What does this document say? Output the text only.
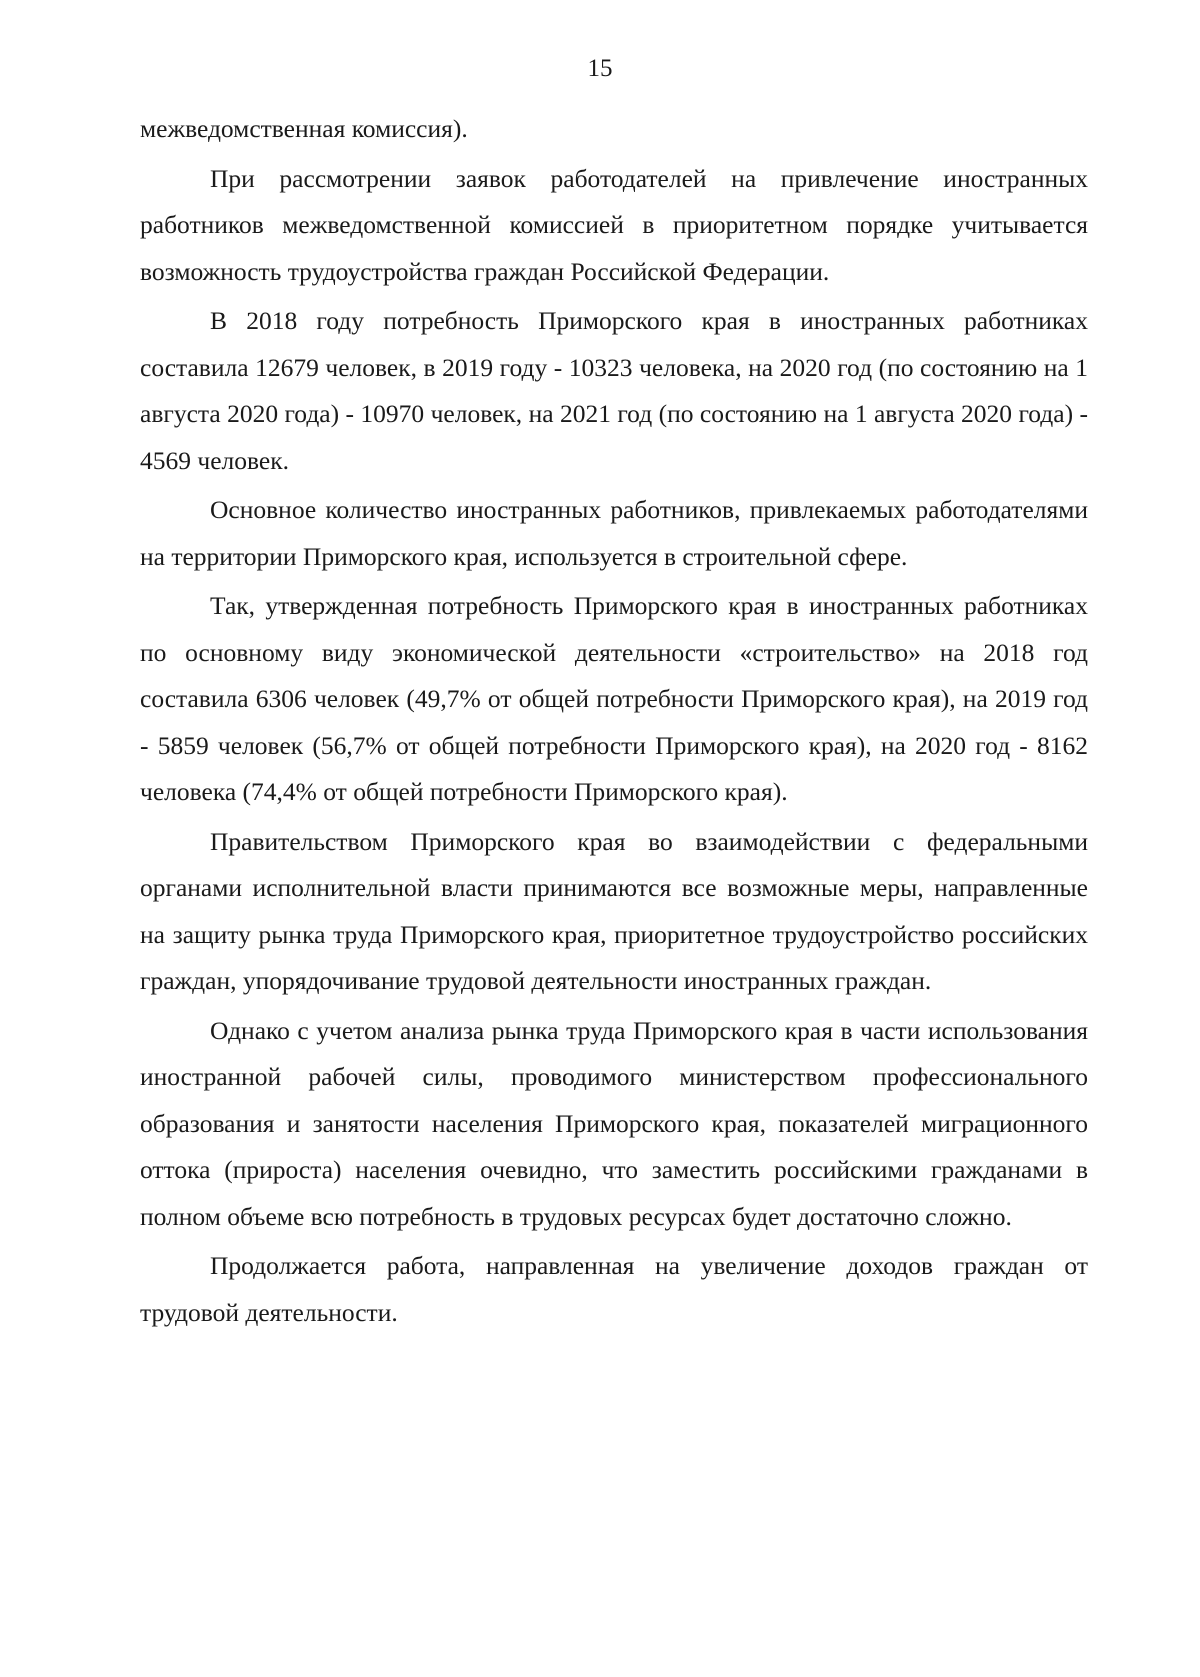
15

межведомственная комиссия).

При рассмотрении заявок работодателей на привлечение иностранных работников межведомственной комиссией в приоритетном порядке учитывается возможность трудоустройства граждан Российской Федерации.

В 2018 году потребность Приморского края в иностранных работниках составила 12679 человек, в 2019 году - 10323 человека, на 2020 год (по состоянию на 1 августа 2020 года) - 10970 человек, на 2021 год (по состоянию на 1 августа 2020 года) - 4569 человек.

Основное количество иностранных работников, привлекаемых работодателями на территории Приморского края, используется в строительной сфере.

Так, утвержденная потребность Приморского края в иностранных работниках по основному виду экономической деятельности «строительство» на 2018 год составила 6306 человек (49,7% от общей потребности Приморского края), на 2019 год - 5859 человек (56,7% от общей потребности Приморского края), на 2020 год - 8162 человека (74,4% от общей потребности Приморского края).

Правительством Приморского края во взаимодействии с федеральными органами исполнительной власти принимаются все возможные меры, направленные на защиту рынка труда Приморского края, приоритетное трудоустройство российских граждан, упорядочивание трудовой деятельности иностранных граждан.

Однако с учетом анализа рынка труда Приморского края в части использования иностранной рабочей силы, проводимого министерством профессионального образования и занятости населения Приморского края, показателей миграционного оттока (прироста) населения очевидно, что заместить российскими гражданами в полном объеме всю потребность в трудовых ресурсах будет достаточно сложно.

Продолжается работа, направленная на увеличение доходов граждан от трудовой деятельности.
